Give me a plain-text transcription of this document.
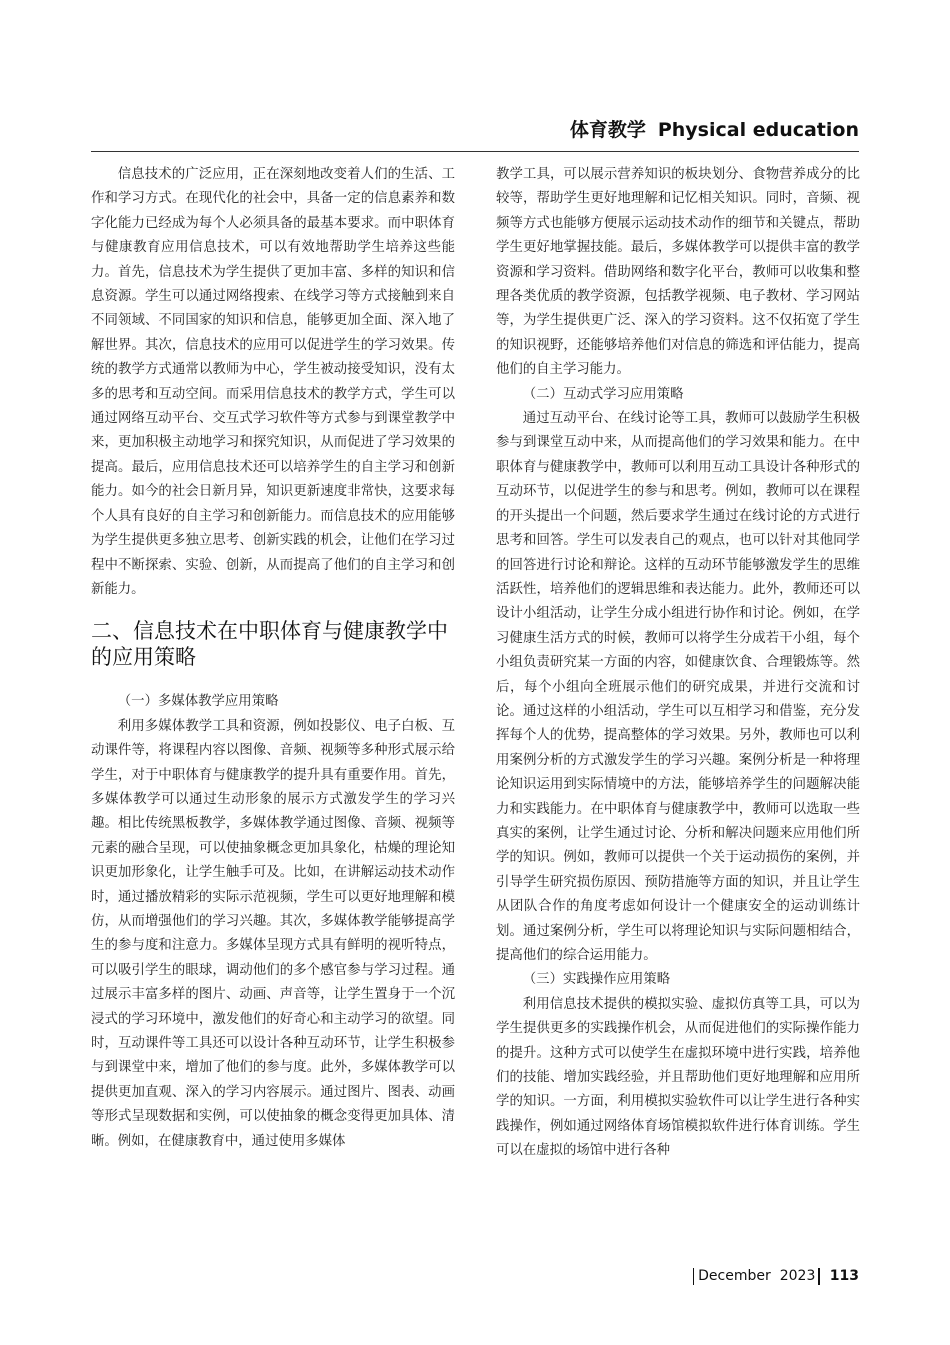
体育教学 Physical education

信息技术的广泛应用，正在深刻地改变着人们的生活、工作和学习方式。在现代化的社会中，具备一定的信息素养和数字化能力已经成为每个人必须具备的最基本要求。而中职体育与健康教育应用信息技术，可以有效地帮助学生培养这些能力。首先，信息技术为学生提供了更加丰富、多样的知识和信息资源。学生可以通过网络搜索、在线学习等方式接触到来自不同领域、不同国家的知识和信息，能够更加全面、深入地了解世界。其次，信息技术的应用可以促进学生的学习效果。传统的教学方式通常以教师为中心，学生被动接受知识，没有太多的思考和互动空间。而采用信息技术的教学方式，学生可以通过网络互动平台、交互式学习软件等方式参与到课堂教学中来，更加积极主动地学习和探究知识，从而促进了学习效果的提高。最后，应用信息技术还可以培养学生的自主学习和创新能力。如今的社会日新月异，知识更新速度非常快，这要求每个人具有良好的自主学习和创新能力。而信息技术的应用能够为学生提供更多独立思考、创新实践的机会，让他们在学习过程中不断探索、实验、创新，从而提高了他们的自主学习和创新能力。

二、信息技术在中职体育与健康教学中的应用策略

（一）多媒体教学应用策略

利用多媒体教学工具和资源，例如投影仪、电子白板、互动课件等，将课程内容以图像、音频、视频等多种形式展示给学生，对于中职体育与健康教学的提升具有重要作用。首先，多媒体教学可以通过生动形象的展示方式激发学生的学习兴趣。相比传统黑板教学，多媒体教学通过图像、音频、视频等元素的融合呈现，可以使抽象概念更加具象化，枯燥的理论知识更加形象化，让学生触手可及。比如，在讲解运动技术动作时，通过播放精彩的实际示范视频，学生可以更好地理解和模仿，从而增强他们的学习兴趣。其次，多媒体教学能够提高学生的参与度和注意力。多媒体呈现方式具有鲜明的视听特点，可以吸引学生的眼球，调动他们的多个感官参与学习过程。通过展示丰富多样的图片、动画、声音等，让学生置身于一个沉浸式的学习环境中，激发他们的好奇心和主动学习的欲望。同时，互动课件等工具还可以设计各种互动环节，让学生积极参与到课堂中来，增加了他们的参与度。此外，多媒体教学可以提供更加直观、深入的学习内容展示。通过图片、图表、动画等形式呈现数据和实例，可以使抽象的概念变得更加具体、清晰。例如，在健康教育中，通过使用多媒体

教学工具，可以展示营养知识的板块划分、食物营养成分的比较等，帮助学生更好地理解和记忆相关知识。同时，音频、视频等方式也能够方便展示运动技术动作的细节和关键点，帮助学生更好地掌握技能。最后，多媒体教学可以提供丰富的教学资源和学习资料。借助网络和数字化平台，教师可以收集和整理各类优质的教学资源，包括教学视频、电子教材、学习网站等，为学生提供更广泛、深入的学习资料。这不仅拓宽了学生的知识视野，还能够培养他们对信息的筛选和评估能力，提高他们的自主学习能力。

（二）互动式学习应用策略

通过互动平台、在线讨论等工具，教师可以鼓励学生积极参与到课堂互动中来，从而提高他们的学习效果和能力。在中职体育与健康教学中，教师可以利用互动工具设计各种形式的互动环节，以促进学生的参与和思考。例如，教师可以在课程的开头提出一个问题，然后要求学生通过在线讨论的方式进行思考和回答。学生可以发表自己的观点，也可以针对其他同学的回答进行讨论和辩论。这样的互动环节能够激发学生的思维活跃性，培养他们的逻辑思维和表达能力。此外，教师还可以设计小组活动，让学生分成小组进行协作和讨论。例如，在学习健康生活方式的时候，教师可以将学生分成若干小组，每个小组负责研究某一方面的内容，如健康饮食、合理锻炼等。然后，每个小组向全班展示他们的研究成果，并进行交流和讨论。通过这样的小组活动，学生可以互相学习和借鉴，充分发挥每个人的优势，提高整体的学习效果。另外，教师也可以利用案例分析的方式激发学生的学习兴趣。案例分析是一种将理论知识运用到实际情境中的方法，能够培养学生的问题解决能力和实践能力。在中职体育与健康教学中，教师可以选取一些真实的案例，让学生通过讨论、分析和解决问题来应用他们所学的知识。例如，教师可以提供一个关于运动损伤的案例，并引导学生研究损伤原因、预防措施等方面的知识，并且让学生从团队合作的角度考虑如何设计一个健康安全的运动训练计划。通过案例分析，学生可以将理论知识与实际问题相结合，提高他们的综合运用能力。

（三）实践操作应用策略

利用信息技术提供的模拟实验、虚拟仿真等工具，可以为学生提供更多的实践操作机会，从而促进他们的实际操作能力的提升。这种方式可以使学生在虚拟环境中进行实践，培养他们的技能、增加实践经验，并且帮助他们更好地理解和应用所学的知识。一方面，利用模拟实验软件可以让学生进行各种实践操作，例如通过网络体育场馆模拟软件进行体育训练。学生可以在虚拟的场馆中进行各种

December 2023 113
